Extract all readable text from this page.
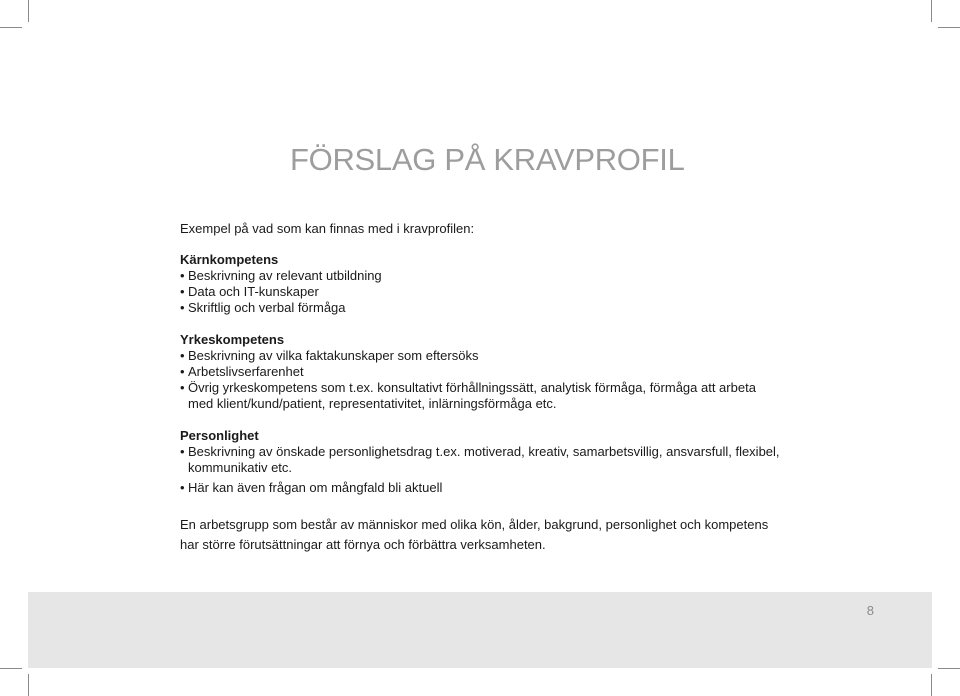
FÖRSLAG PÅ KRAVPROFIL

Exempel på vad som kan finnas med i kravprofilen:

Kärnkompetens

• Beskrivning av relevant utbildning

• Data och IT-kunskaper

• Skriftlig och verbal förmåga

Yrkeskompetens

• Beskrivning av vilka faktakunskaper som eftersöks

• Arbetslivserfarenhet

• Övrig yrkeskompetens som t.ex. konsultativt förhållningssätt, analytisk förmåga, förmåga att arbeta med klient/kund/patient, representativitet, inlärningsförmåga etc.

Personlighet

• Beskrivning av önskade personlighetsdrag t.ex. motiverad, kreativ, samarbetsvillig, ansvarsfull, flexibel, kommunikativ etc.

• Här kan även frågan om mångfald bli aktuell

En arbetsgrupp som består av människor med olika kön, ålder, bakgrund, personlighet och kompetens har större förutsättningar att förnya och förbättra verksamheten.

8
